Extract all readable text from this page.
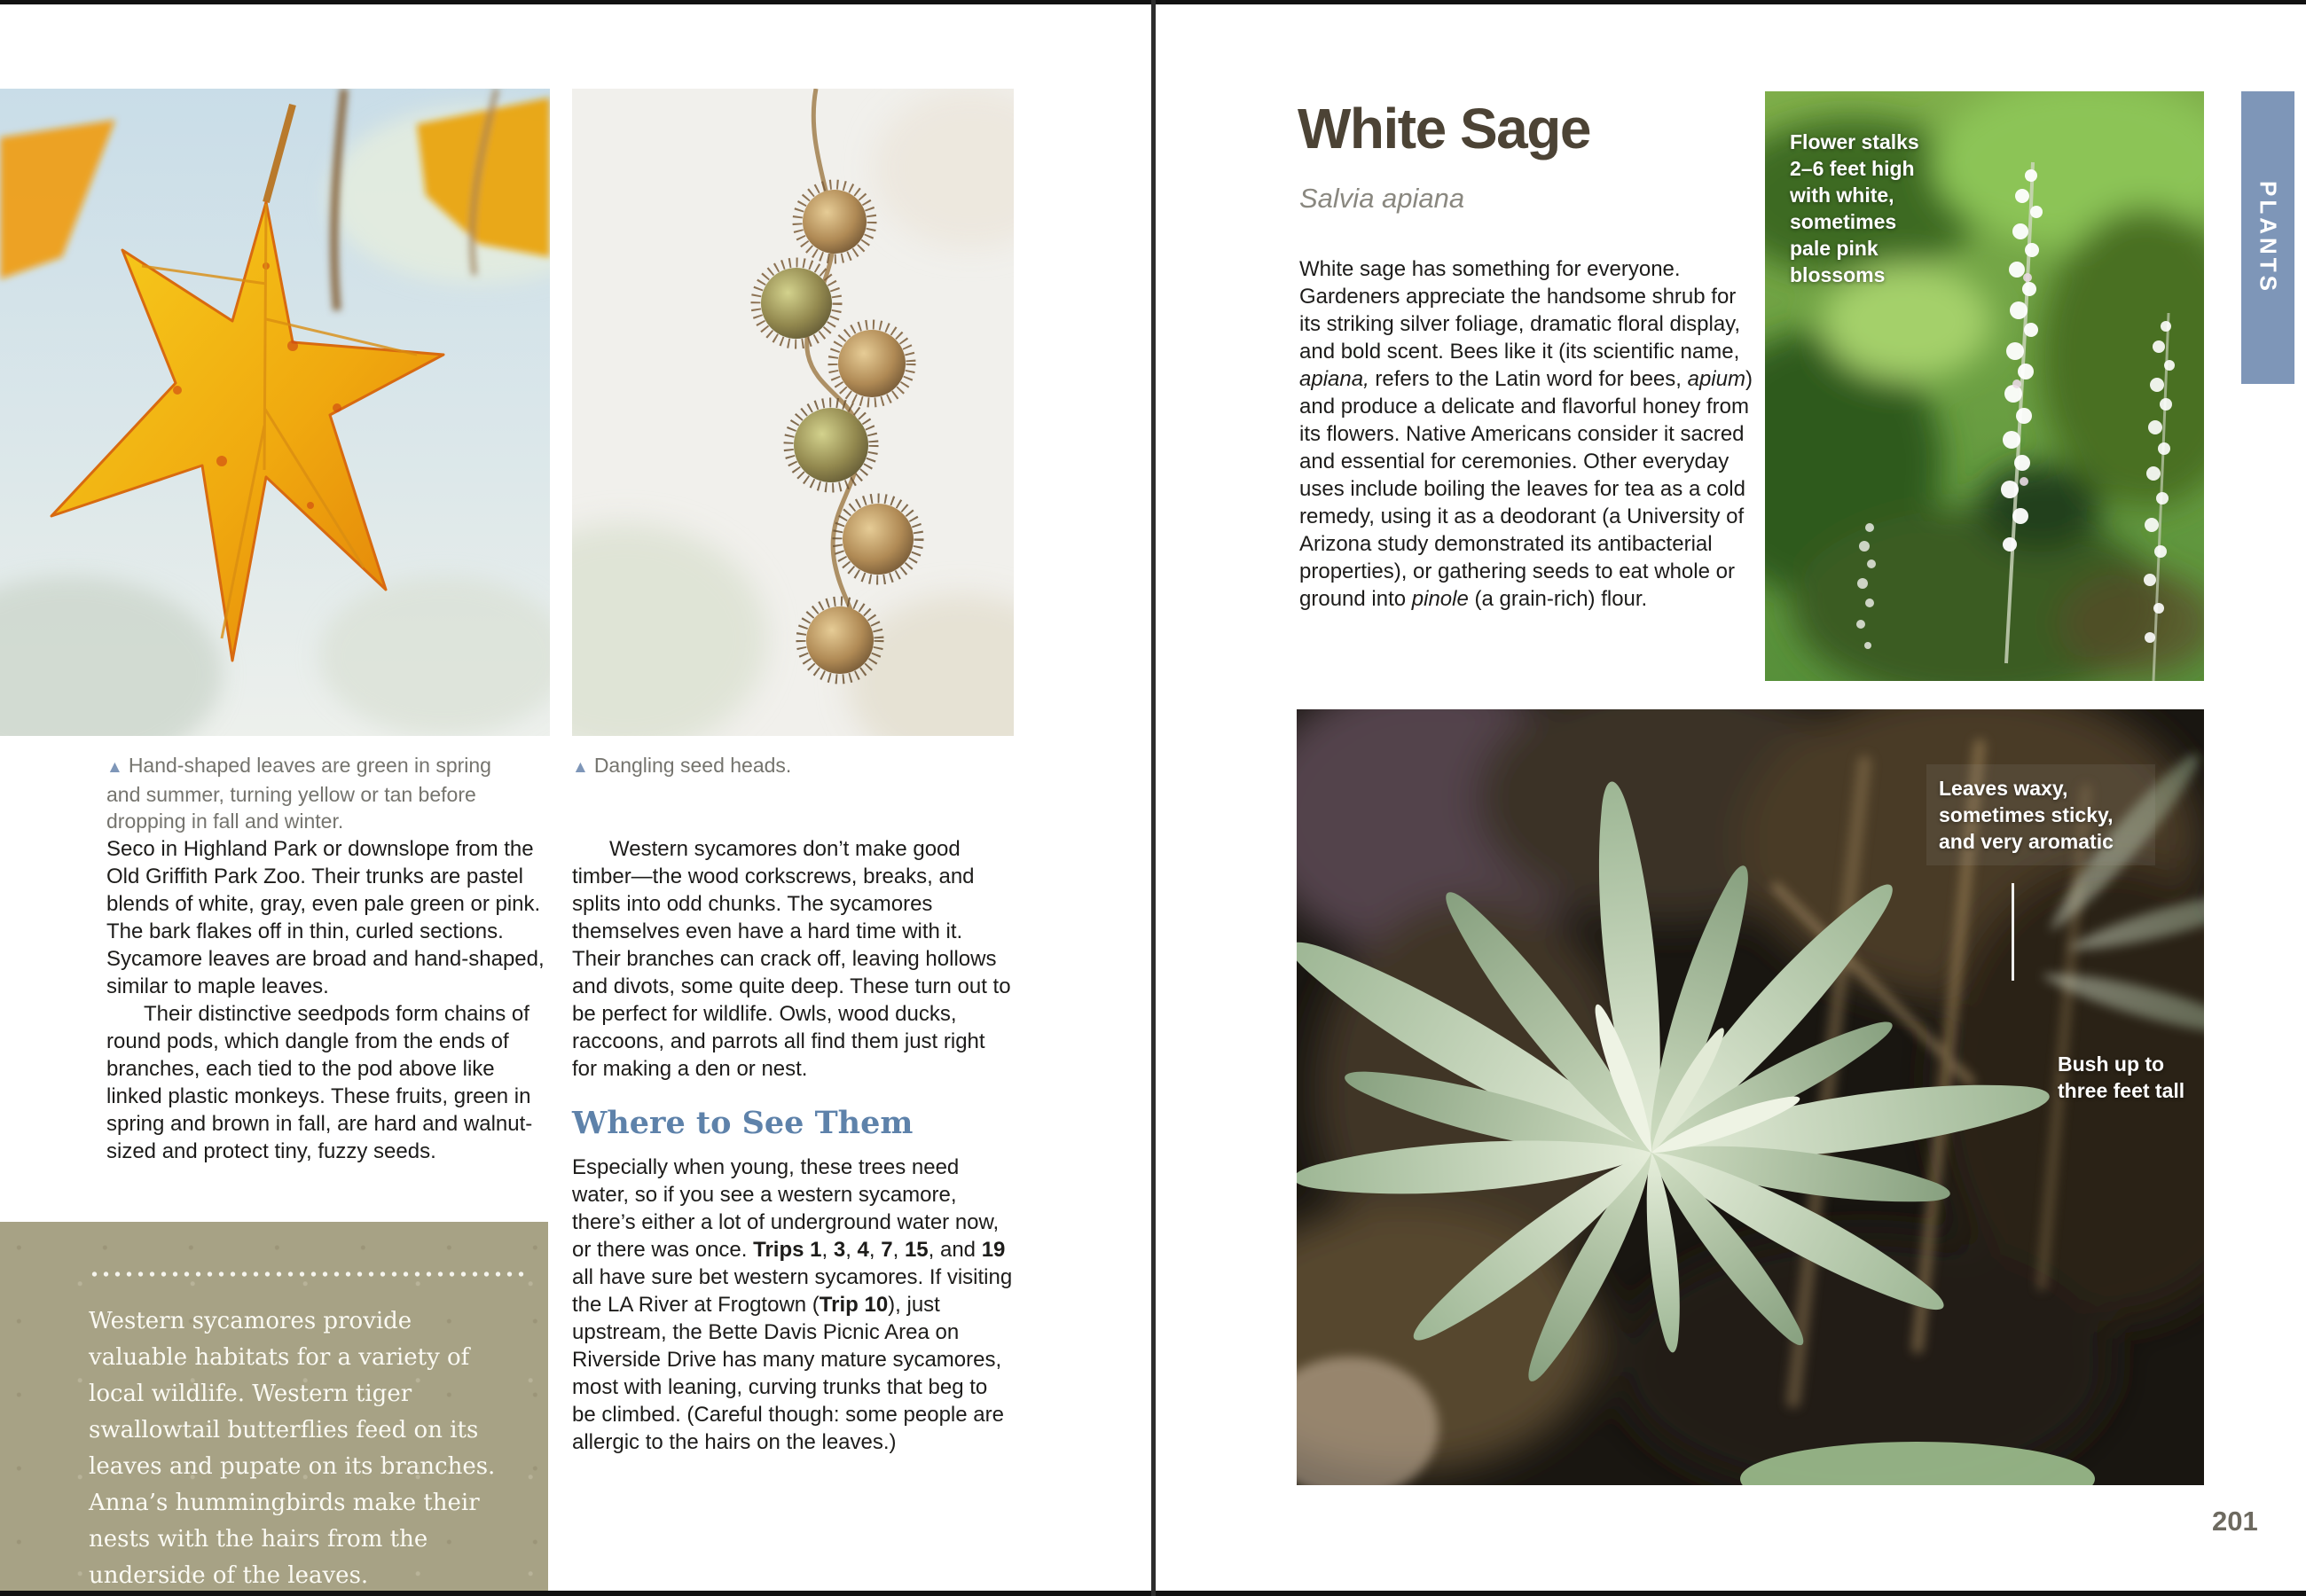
▲ Hand-shaped leaves are green in spring and summer, turning yellow or tan before dropping in fall and winter.
▲ Dangling seed heads.

Seco in Highland Park or downslope from the Old Griffith Park Zoo. Their trunks are pastel blends of white, gray, even pale green or pink. The bark flakes off in thin, curled sections. Sycamore leaves are broad and hand-shaped, similar to maple leaves.

Their distinctive seedpods form chains of round pods, which dangle from the ends of branches, each tied to the pod above like linked plastic monkeys. These fruits, green in spring and brown in fall, are hard and walnut-sized and protect tiny, fuzzy seeds.

Western sycamores provide valuable habitats for a variety of local wildlife. Western tiger swallowtail butterflies feed on its leaves and pupate on its branches. Anna’s hummingbirds make their nests with the hairs from the underside of the leaves.

Western sycamores don’t make good timber—the wood corkscrews, breaks, and splits into odd chunks. The sycamores themselves even have a hard time with it. Their branches can crack off, leaving hollows and divots, some quite deep. These turn out to be perfect for wildlife. Owls, wood ducks, raccoons, and parrots all find them just right for making a den or nest.

Where to See Them

Especially when young, these trees need water, so if you see a western sycamore, there’s either a lot of underground water now, or there was once. Trips 1, 3, 4, 7, 15, and 19 all have sure bet western sycamores. If visiting the LA River at Frogtown (Trip 10), just upstream, the Bette Davis Picnic Area on Riverside Drive has many mature sycamores, most with leaning, curving trunks that beg to be climbed. (Careful though: some people are allergic to the hairs on the leaves.)

White Sage
Salvia apiana

White sage has something for everyone. Gardeners appreciate the handsome shrub for its striking silver foliage, dramatic floral display, and bold scent. Bees like it (its scientific name, apiana, refers to the Latin word for bees, apium) and produce a delicate and flavorful honey from its flowers. Native Americans consider it sacred and essential for ceremonies. Other everyday uses include boiling the leaves for tea as a cold remedy, using it as a deodorant (a University of Arizona study demonstrated its antibacterial properties), or gathering seeds to eat whole or ground into pinole (a grain-rich) flour.

Flower stalks 2–6 feet high with white, sometimes pale pink blossoms	PLANTS
Leaves waxy, sometimes sticky, and very aromatic
Bush up to three feet tall
201
